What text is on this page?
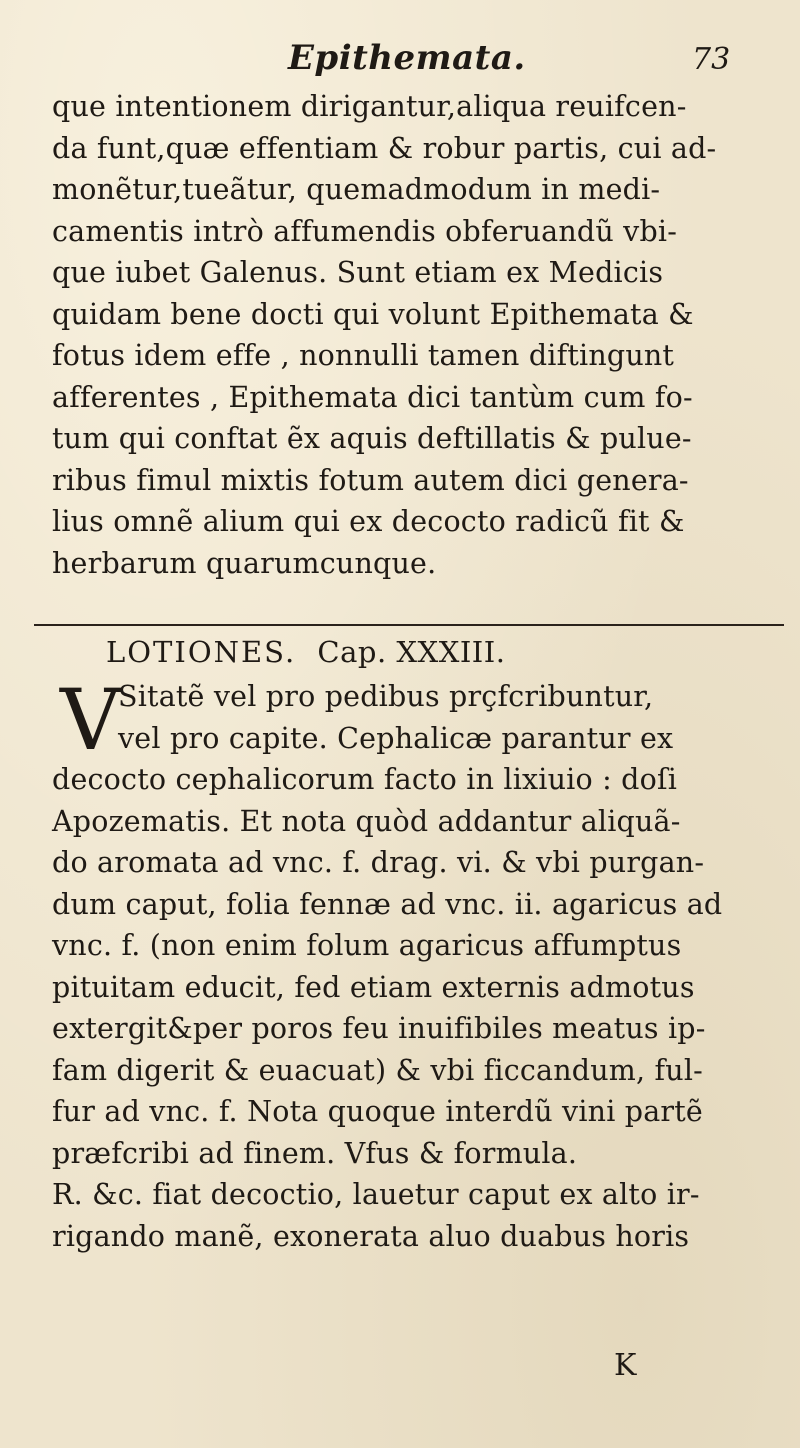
Epithemata.	73
que intentionem dirigantur,aliqua reuifcen-
da funt,quæ effentiam & robur partis, cui ad-
monẽtur,tueãtur, quemadmodum in medi-
camentis intrò affumendis obferuandũ vbi-
que iubet Galenus. Sunt etiam ex Medicis
quidam bene docti qui volunt Epithemata &
fotus idem effe , nonnulli tamen diftingunt
afferentes , Epithemata dici tantùm cum fo-
tum qui conftat ẽx aquis deftillatis & pulue-
ribus fimul mixtis fotum autem dici genera-
lius omnẽ alium qui ex decocto radicũ fit &
herbarum quarumcunque.
LOTIONES. Cap. XXXIII.
V
Sitatẽ vel pro pedibus prçfcribuntur,
vel pro capite. Cephalicæ parantur ex
decocto cephalicorum facto in lixiuio : doſi
Apozematis. Et nota quòd addantur aliquã-
do aromata ad vnc. f. drag. vi. & vbi purgan-
dum caput, folia fennæ ad vnc. ii. agaricus ad
vnc. f. (non enim folum agaricus affumptus
pituitam educit, fed etiam externis admotus
extergit&per poros feu inuifibiles meatus ip-
fam digerit & euacuat) & vbi ficcandum, ful-
fur ad vnc. f. Nota quoque interdũ vini partẽ
præfcribi ad finem. Vfus & formula.
R. &c. fiat decoctio, lauetur caput ex alto ir-
rigando manẽ, exonerata aluo duabus horis
K
